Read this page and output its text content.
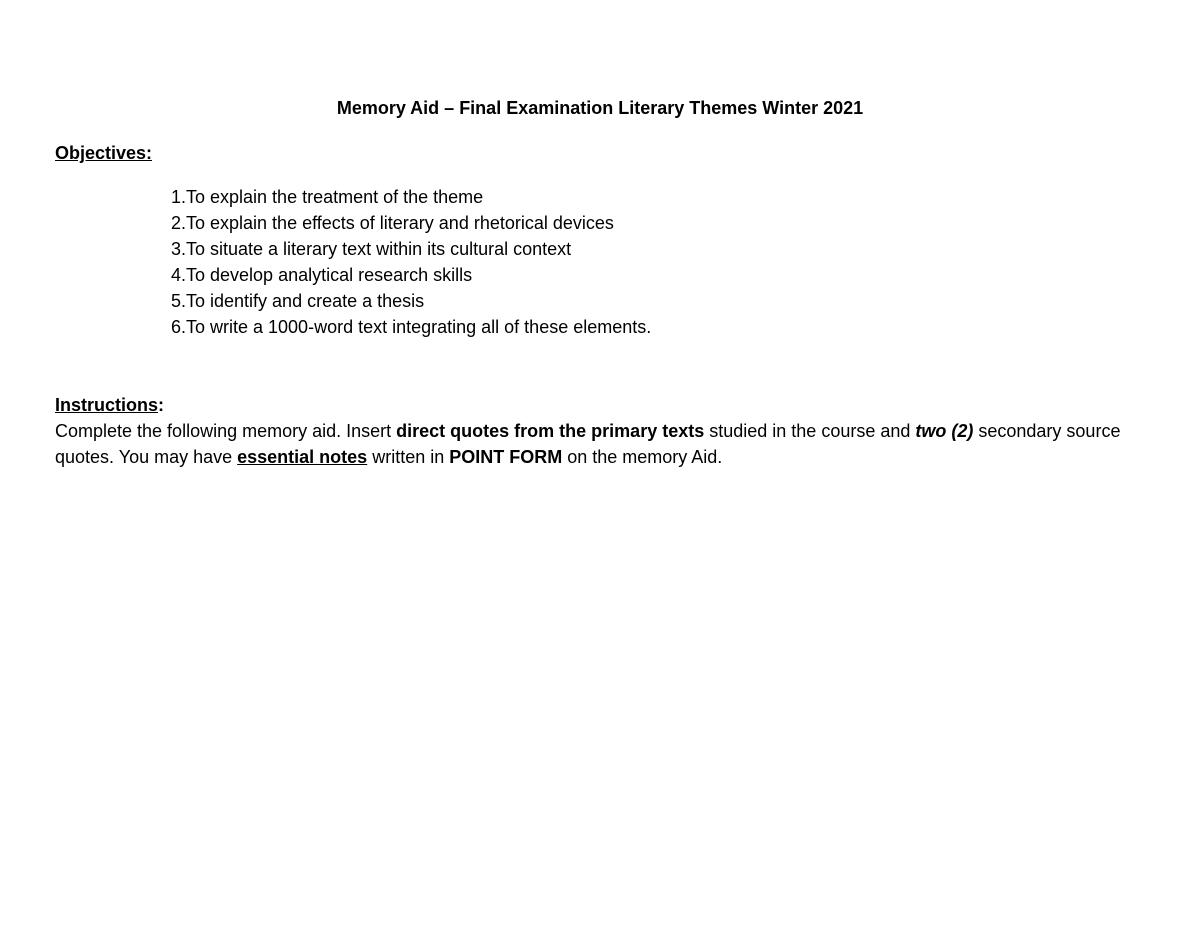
Memory Aid – Final Examination Literary Themes Winter 2021
Objectives:
1. To explain the treatment of the theme
2. To explain the effects of literary and rhetorical devices
3. To situate a literary text within its cultural context
4. To develop analytical research skills
5. To identify and create a thesis
6. To write a 1000-word text integrating all of these elements.
Instructions:
Complete the following memory aid. Insert direct quotes from the primary texts studied in the course and two (2) secondary source quotes. You may have essential notes written in POINT FORM on the memory Aid.
